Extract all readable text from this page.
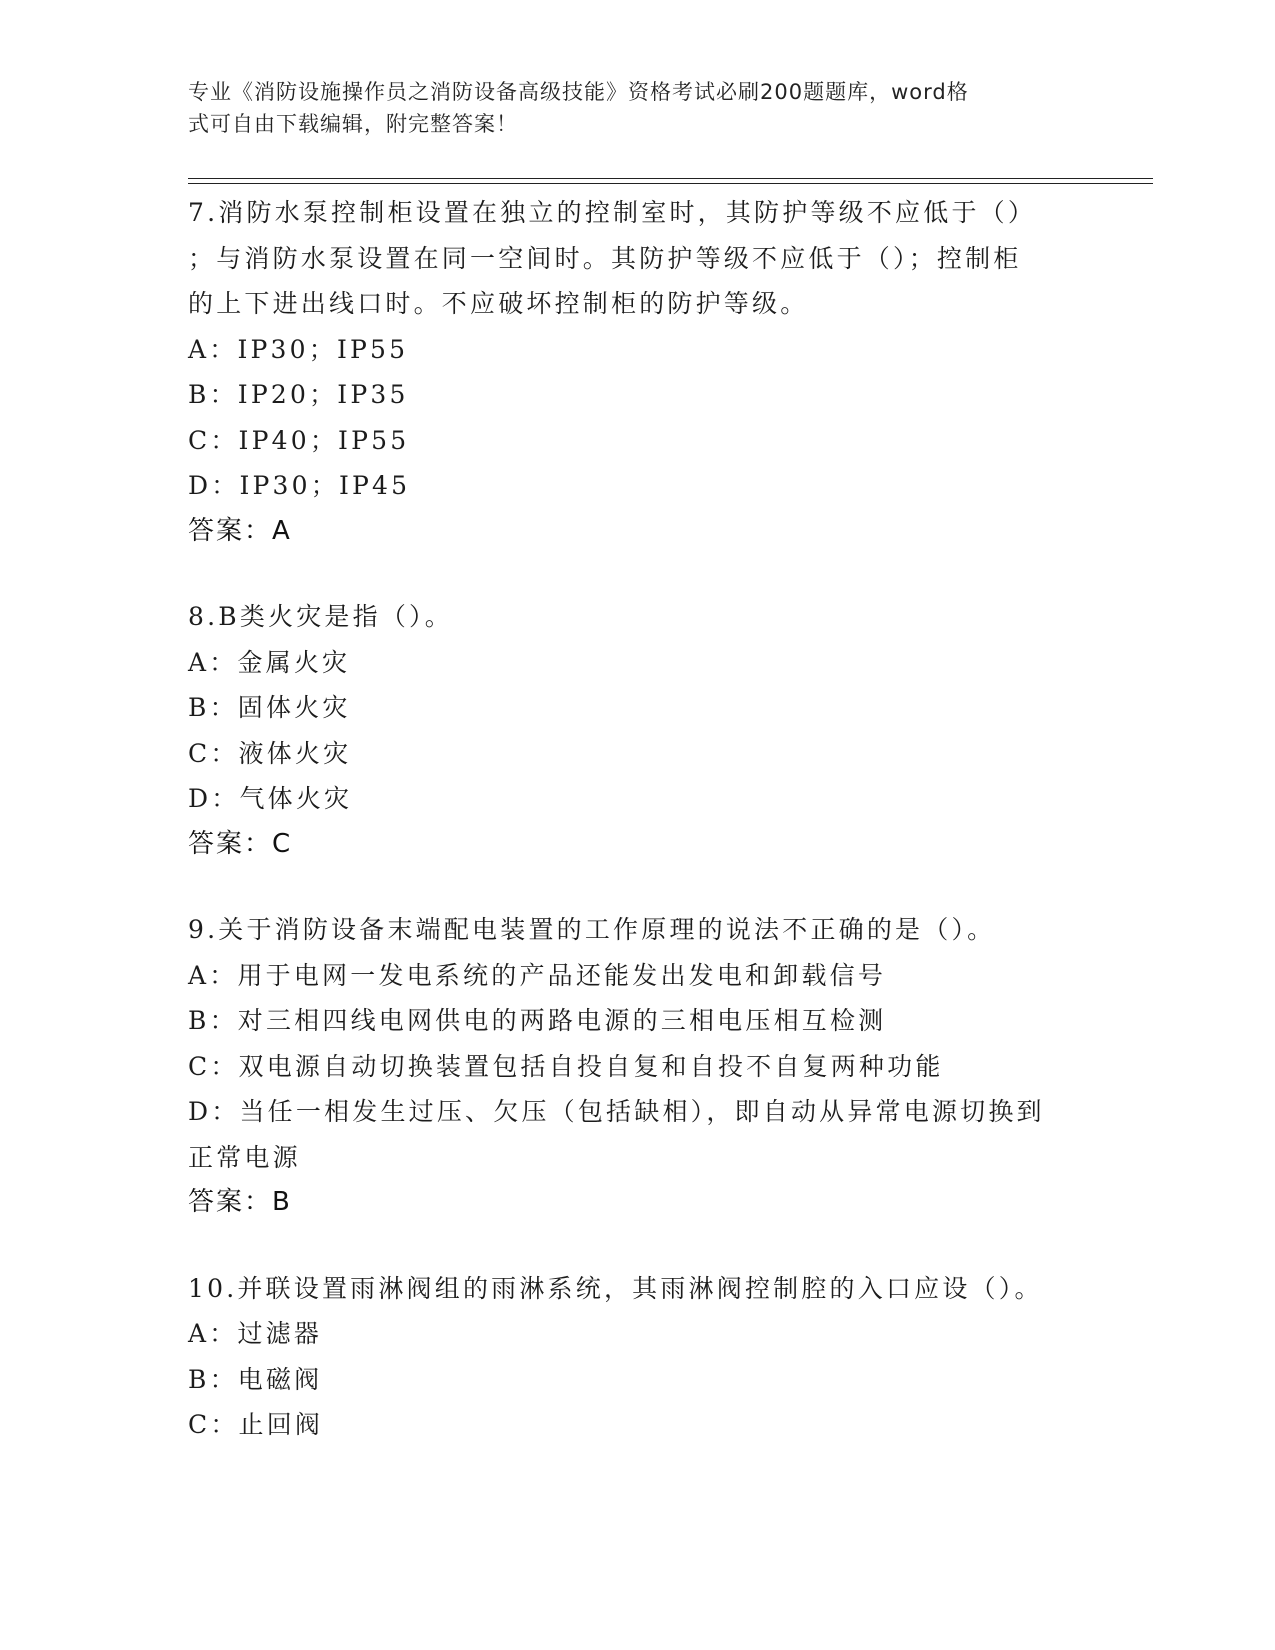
专业《消防设施操作员之消防设备高级技能》资格考试必刷200题题库，word格
式可自由下载编辑，附完整答案！
7.消防水泵控制柜设置在独立的控制室时，其防护等级不应低于（）
；与消防水泵设置在同一空间时。其防护等级不应低于（）；控制柜
的上下进出线口时。不应破坏控制柜的防护等级。
A：IP30；IP55
B：IP20；IP35
C：IP40；IP55
D：IP30；IP45
答案：A
8.B类火灾是指（）。
A：金属火灾
B：固体火灾
C：液体火灾
D：气体火灾
答案：C
9.关于消防设备末端配电装置的工作原理的说法不正确的是（）。
A：用于电网一发电系统的产品还能发出发电和卸载信号
B：对三相四线电网供电的两路电源的三相电压相互检测
C：双电源自动切换装置包括自投自复和自投不自复两种功能
D：当任一相发生过压、欠压（包括缺相），即自动从异常电源切换到
正常电源
答案：B
10.并联设置雨淋阀组的雨淋系统，其雨淋阀控制腔的入口应设（）。
A：过滤器
B：电磁阀
C：止回阀
